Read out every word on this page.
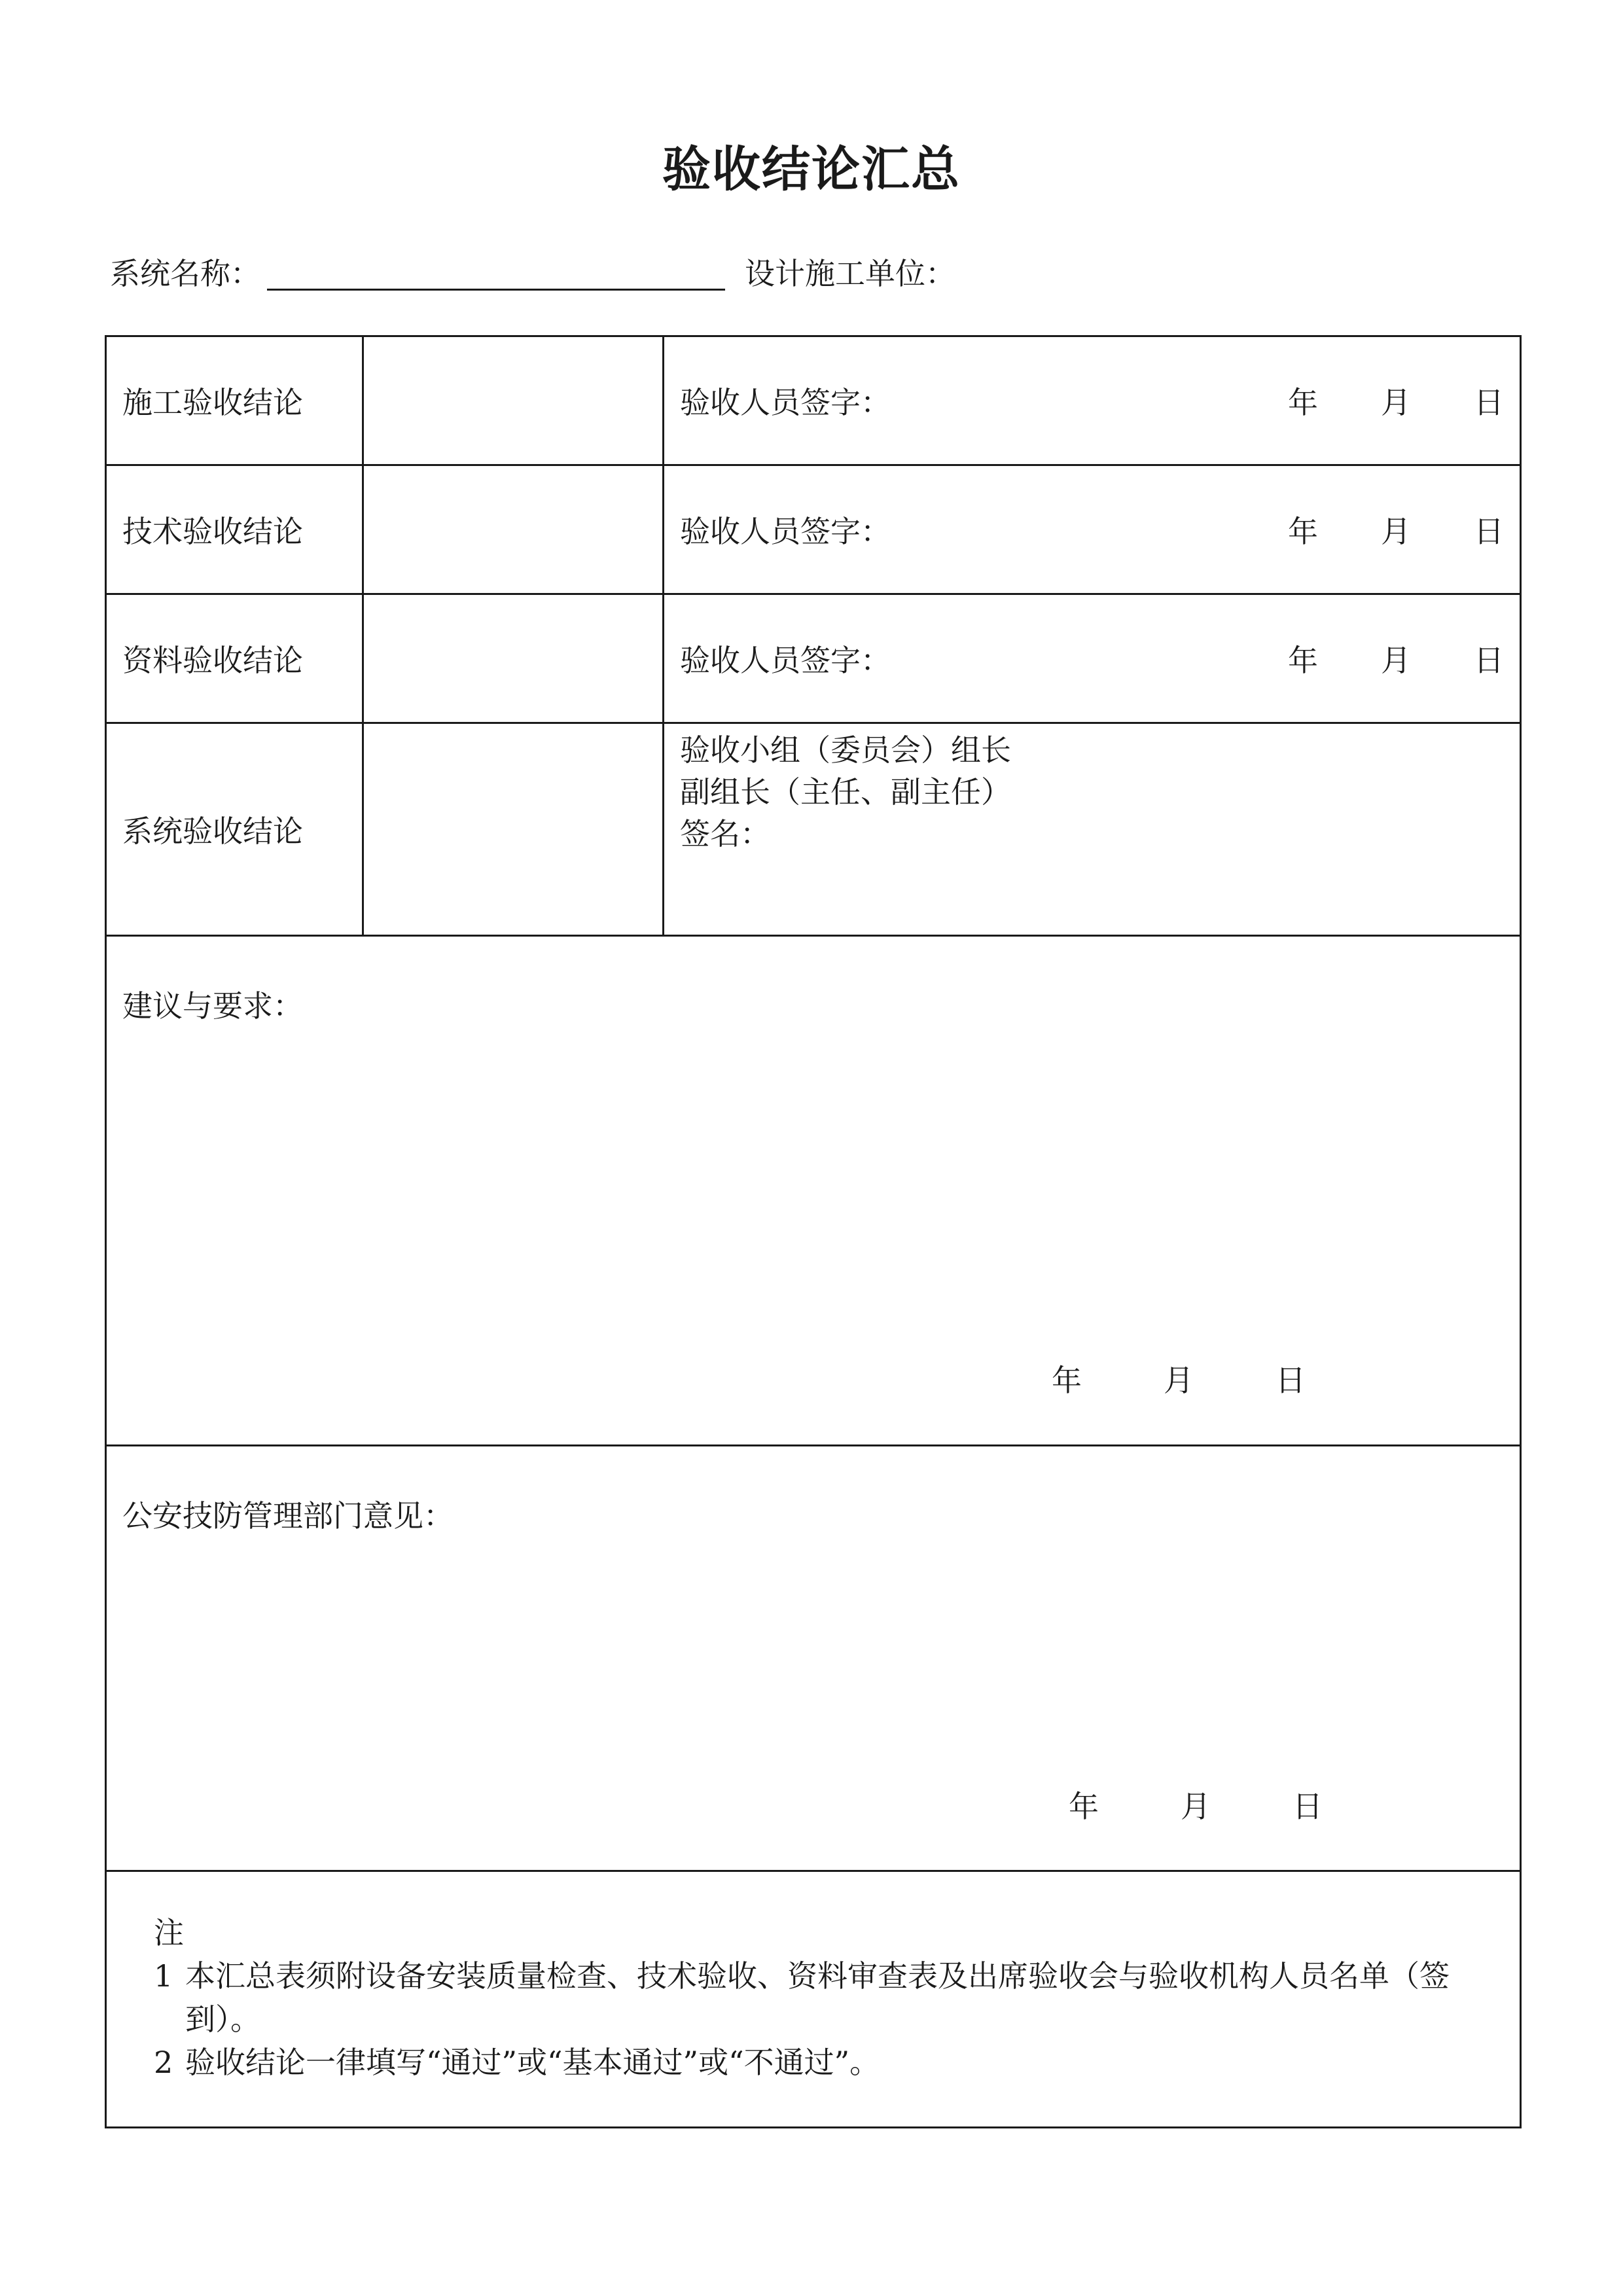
验收结论汇总
系统名称：	设计施工单位：
施工验收结论		验收人员签字： 年 月 日

技术验收结论		验收人员签字： 年 月 日

资料验收结论		验收人员签字： 年 月 日

系统验收结论		验收小组（委员会）组长
副组长（主任、副主任）
签名：

建议与要求：
年 月 日		

公安技防管理部门意见：
年 月 日		

注
1 本汇总表须附设备安装质量检查、技术验收、资料审查表及出席验收会与验收机构人员名单（签到）。
2 验收结论一律填写“通过”或“基本通过”或“不通过”。		
